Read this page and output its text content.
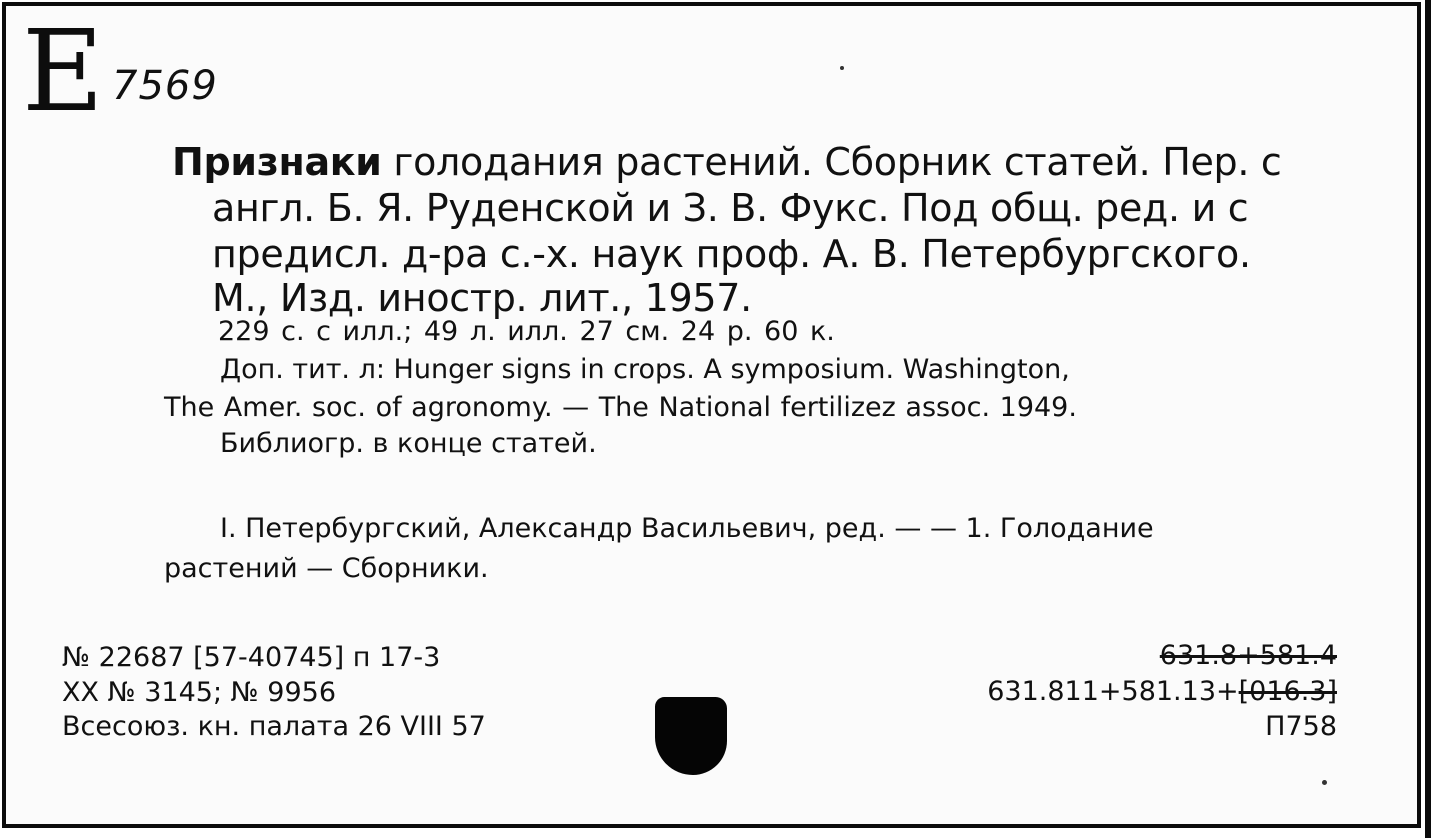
Е 7569
Признаки голодания растений. Сборник статей. Пер. с
англ. Б. Я. Руденской и З. В. Фукс. Под общ. ред. и с
предисл. д-ра с.-х. наук проф. А. В. Петербургского.
М., Изд. иностр. лит., 1957.
229 с. с илл.; 49 л. илл. 27 см. 24 р. 60 к.
Доп. тит. л: Hunger signs in crops. A symposium. Washington,
The Amer. soc. of agronomy. — The National fertilizez assoc. 1949.
Библиогр. в конце статей.
I. Петербургский, Александр Васильевич, ред. — — 1. Голодание
растений — Сборники.
№ 22687 [57-40745] п 17-3
XX № 3145; № 9956
Всесоюз. кн. палата 26 VIII 57
631.8+581.4
631.811+581.13+[016.3]
П758
